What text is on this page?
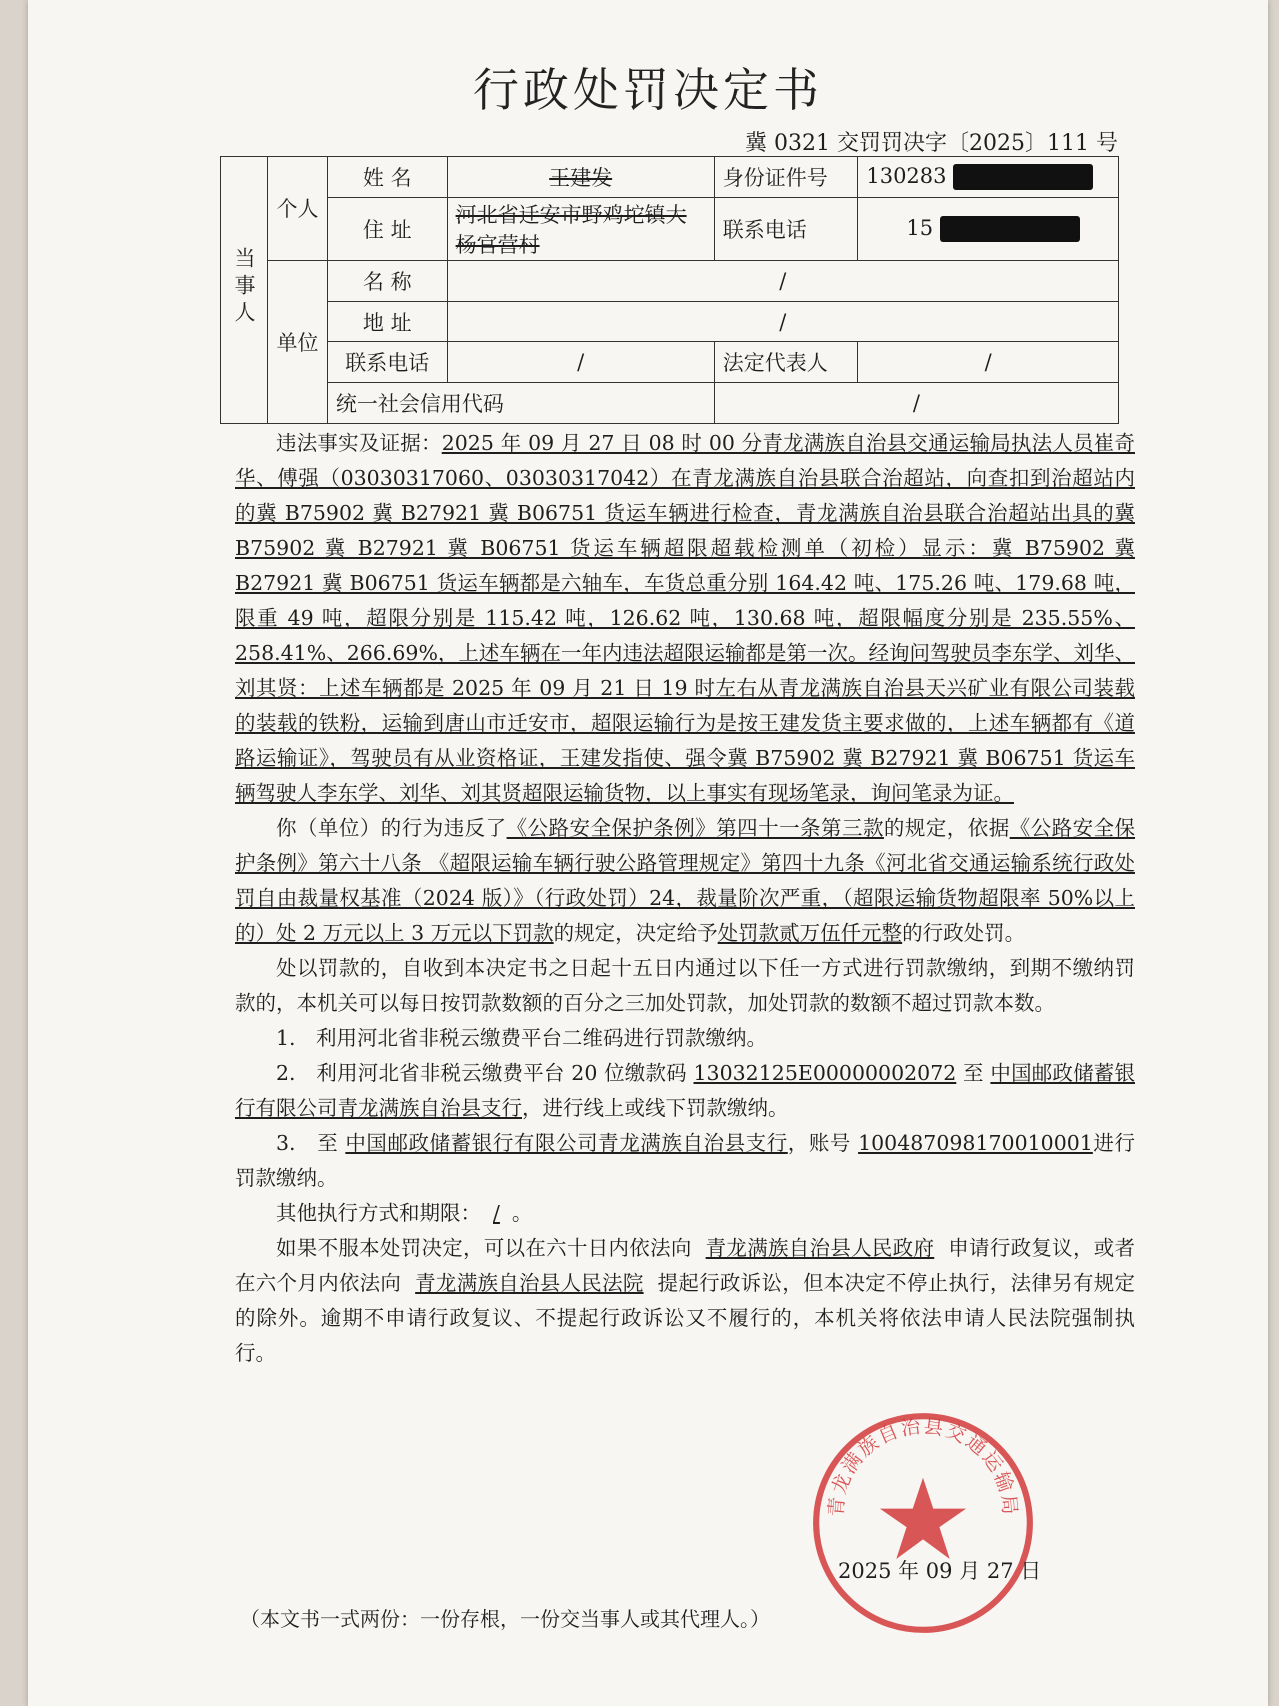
行政处罚决定书
冀 0321 交罚罚决字〔2025〕111 号
当事人	个人	姓 名	王建发	身份证件号	130283
		住 址	河北省迁安市野鸡坨镇大杨官营村	联系电话	15
	单位	名 称	/		
		地 址	/		
		联系电话	/	法定代表人	/
		统一社会信用代码		/	

违法事实及证据：2025 年 09 月 27 日 08 时 00 分青龙满族自治县交通运输局执法人员崔奇华、傅强（03030317060、03030317042）在青龙满族自治县联合治超站，向查扣到治超站内的冀 B75902 冀 B27921 冀 B06751 货运车辆进行检查，青龙满族自治县联合治超站出具的冀 B75902 冀 B27921 冀 B06751 货运车辆超限超载检测单（初检）显示：冀 B75902 冀 B27921 冀 B06751 货运车辆都是六轴车，车货总重分别 164.42 吨、175.26 吨、179.68 吨，限重 49 吨，超限分别是 115.42 吨，126.62 吨，130.68 吨，超限幅度分别是 235.55%、258.41%、266.69%，上述车辆在一年内违法超限运输都是第一次。经询问驾驶员李东学、刘华、刘其贤：上述车辆都是 2025 年 09 月 21 日 19 时左右从青龙满族自治县天兴矿业有限公司装载的装载的铁粉，运输到唐山市迁安市，超限运输行为是按王建发货主要求做的，上述车辆都有《道路运输证》，驾驶员有从业资格证，王建发指使、强令冀 B75902 冀 B27921 冀 B06751 货运车辆驾驶人李东学、刘华、刘其贤超限运输货物，以上事实有现场笔录，询问笔录为证。

你（单位）的行为违反了《公路安全保护条例》第四十一条第三款的规定，依据《公路安全保护条例》第六十八条 《超限运输车辆行驶公路管理规定》第四十九条《河北省交通运输系统行政处罚自由裁量权基准（2024 版）》（行政处罚）24，裁量阶次严重，（超限运输货物超限率 50%以上的）处 2 万元以上 3 万元以下罚款的规定，决定给予处罚款贰万伍仟元整的行政处罚。

处以罚款的，自收到本决定书之日起十五日内通过以下任一方式进行罚款缴纳，到期不缴纳罚款的，本机关可以每日按罚款数额的百分之三加处罚款，加处罚款的数额不超过罚款本数。

1.　利用河北省非税云缴费平台二维码进行罚款缴纳。

2.　利用河北省非税云缴费平台 20 位缴款码 13032125E00000002072 至 中国邮政储蓄银行有限公司青龙满族自治县支行，进行线上或线下罚款缴纳。

3.　至 中国邮政储蓄银行有限公司青龙满族自治县支行，账号 100487098170010001进行罚款缴纳。

其他执行方式和期限： / 。

如果不服本处罚决定，可以在六十日内依法向 青龙满族自治县人民政府 申请行政复议，或者在六个月内依法向 青龙满族自治县人民法院 提起行政诉讼，但本决定不停止执行，法律另有规定的除外。逾期不申请行政复议、不提起行政诉讼又不履行的，本机关将依法申请人民法院强制执行。

青龙满族自治县交通运输局
2025 年 09 月 27 日
（本文书一式两份：一份存根，一份交当事人或其代理人。）
